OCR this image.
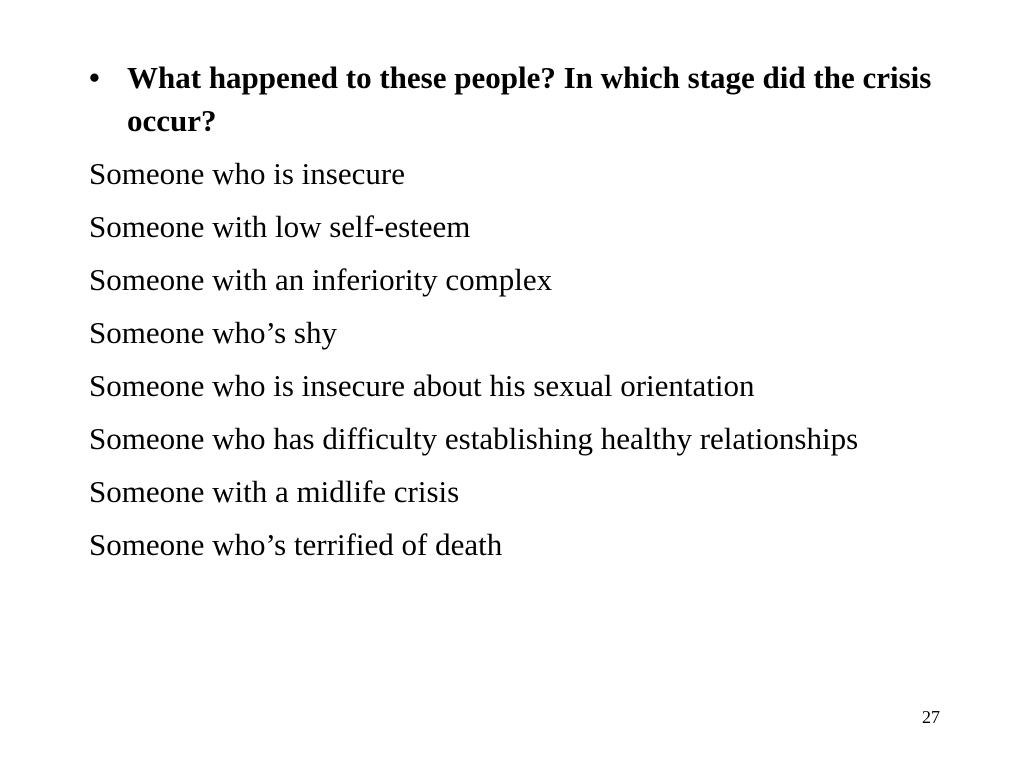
• What happened to these people? In which stage did the crisis occur?
Someone who is insecure
Someone with low self-esteem
Someone with an inferiority complex
Someone who’s shy
Someone who is insecure about his sexual orientation
Someone who has difficulty establishing healthy relationships
Someone with a midlife crisis
Someone who’s terrified of death
27
